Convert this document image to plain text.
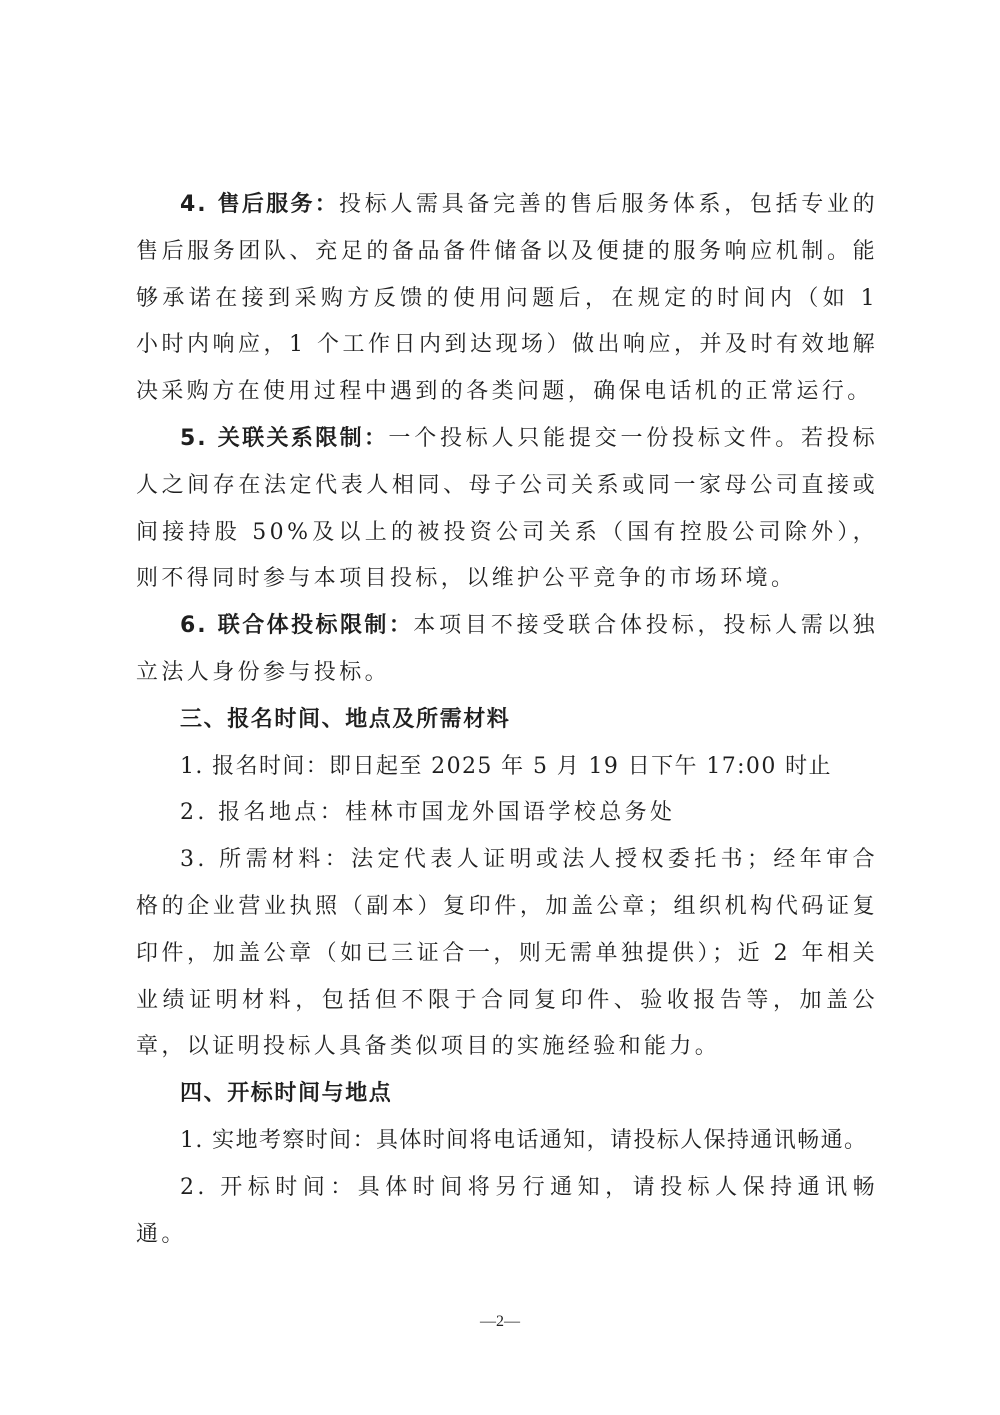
4. 售后服务：投标人需具备完善的售后服务体系，包括专业的售后服务团队、充足的备品备件储备以及便捷的服务响应机制。能够承诺在接到采购方反馈的使用问题后，在规定的时间内（如 1 小时内响应，1 个工作日内到达现场）做出响应，并及时有效地解决采购方在使用过程中遇到的各类问题，确保电话机的正常运行。

5. 关联关系限制：一个投标人只能提交一份投标文件。若投标人之间存在法定代表人相同、母子公司关系或同一家母公司直接或间接持股 50%及以上的被投资公司关系（国有控股公司除外），则不得同时参与本项目投标，以维护公平竞争的市场环境。

6. 联合体投标限制：本项目不接受联合体投标，投标人需以独立法人身份参与投标。

三、报名时间、地点及所需材料

1. 报名时间：即日起至 2025 年 5 月 19 日下午 17:00 时止

2. 报名地点：桂林市国龙外国语学校总务处

3. 所需材料：法定代表人证明或法人授权委托书；经年审合格的企业营业执照（副本）复印件，加盖公章；组织机构代码证复印件，加盖公章（如已三证合一，则无需单独提供）；近 2 年相关业绩证明材料，包括但不限于合同复印件、验收报告等，加盖公章，以证明投标人具备类似项目的实施经验和能力。

四、开标时间与地点

1. 实地考察时间：具体时间将电话通知，请投标人保持通讯畅通。

2. 开标时间：具体时间将另行通知，请投标人保持通讯畅通。

—2—
